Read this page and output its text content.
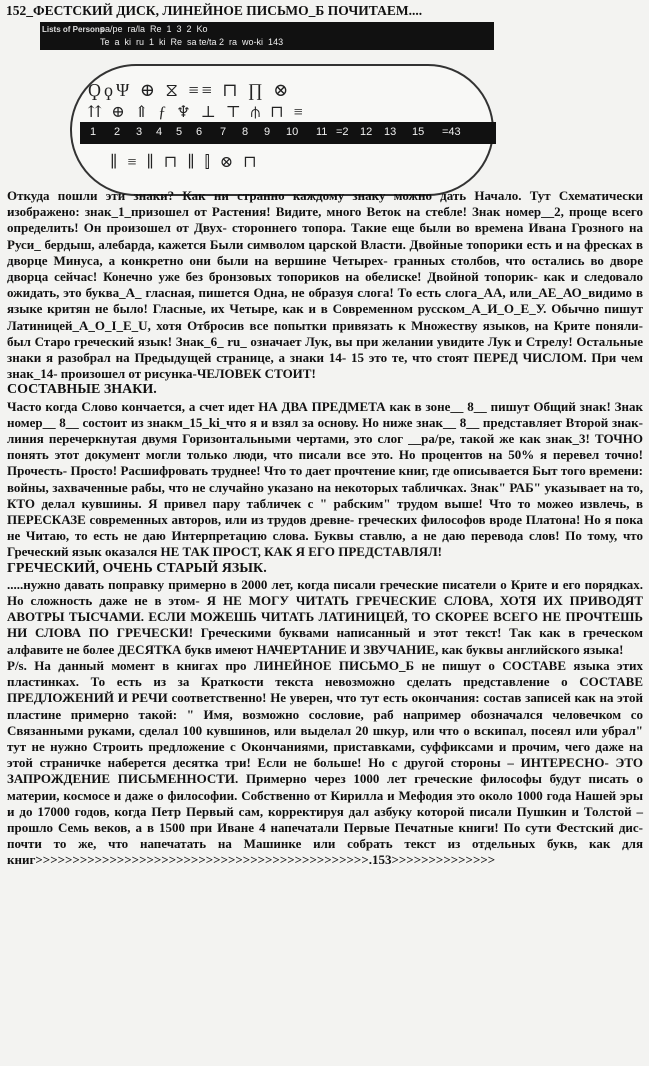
152_ФЕСТСКИЙ ДИСК, ЛИНЕЙНОЕ ПИСЬМО_Б ПОЧИТАЕМ....
Lists of Persons
pa/pe  ra/la  Re  1  3  2  Ko
Te  a  ki  ru  1  ki  Re  sa te/ta 2  ra  wo-ki  143
ϘϙΨ ⊕ ⧖ ≡≡ ⊓ ∏ ⊗
⇈ ⊕ ⇑ ƒ ♆ ⊥ ⊤ ⫛ ⊓ ≡
∥ ≡ ∥ ⊓ ∥ ⫿ ⊗ ⊓
1 2 3 4 5 6 7 8 9 10 11 =2 12 13 15 =43

Откуда пошли эти знаки? Как ни странно каждому знаку можно дать Начало. Тут Схематически изображено: знак_1_призошел от Растения! Видите, много Веток на стебле! Знак номер__2, проще всего определить! Он произошел от Двух- стороннего топора. Такие еще были во времена Ивана Грозного на Руси_ бердыш, алебарда, кажется Были символом царской Власти. Двойные топорики есть и на фресках в дворце Минуса, а конкретно они были на вершине Четырех- гранных столбов, что остались во дворе дворца сейчас! Конечно уже без бронзовых топориков на обелиске! Двойной топорик- как и следовало ожидать, это буква_А_ гласная, пишется Одна, не образуя слога! То есть слога_АА, или_АЕ_АО_видимо в языке критян не было! Гласные, их Четыре, как и в Современном русском_А_И_О_Е_У. Обычно пишут Латиницей_А_О_I_E_U, хотя Отбросив все попытки привязать к Множеству языков, на Крите поняли- был Старо греческий язык! Знак_6_ ru_ означает Лук, вы при желании увидите Лук и Стрелу! Остальные знаки я разобрал на Предыдущей странице, а знаки 14- 15 это те, что стоят ПЕРЕД ЧИСЛОМ. При чем знак_14- произошел от рисунка-ЧЕЛОВЕК СТОИТ!

СОСТАВНЫЕ ЗНАКИ.

Часто когда Слово кончается, а счет идет НА ДВА ПРЕДМЕТА как в зоне__ 8__ пишут Общий знак! Знак номер__ 8__ состоит из знакм_15_ki_что я и взял за основу. Но ниже знак__ 8__ представляет Второй знак- линия перечеркнутая двумя Горизонтальными чертами, это слог __pa/pe, такой же как знак_3! ТОЧНО понять этот документ могли только люди, что писали все это. Но процентов на 50% я перевел точно! Прочесть- Просто! Расшифровать труднее! Что то дает прочтение книг, где описывается Быт того времени: войны, захваченные рабы, что не случайно указано на некоторых табличках. Знак" РАБ" указывает на то, КТО делал кувшины. Я привел пару табличек с " рабским" трудом выше! Что то можео извлечь, в ПЕРЕСКАЗЕ современных авторов, или из трудов древне- греческих философов вроде Платона! Но я пока не Читаю, то есть не даю Интерпретацию слова. Буквы ставлю, а не даю перевода слов! По тому, что Греческий язык оказался НЕ ТАК ПРОСТ, КАК Я ЕГО ПРЕДСТАВЛЯЛ!

ГРЕЧЕСКИЙ, ОЧЕНЬ СТАРЫЙ ЯЗЫК.

.....нужно давать поправку примерно в 2000 лет, когда писали греческие писатели о Крите и его порядках. Но сложность даже не в этом- Я НЕ МОГУ ЧИТАТЬ ГРЕЧЕСКИЕ СЛОВА, ХОТЯ ИХ ПРИВОДЯТ АВОТРЫ ТЫСЧАМИ. ЕСЛИ МОЖЕШЬ ЧИТАТЬ ЛАТИНИЦЕЙ, ТО СКОРЕЕ ВСЕГО НЕ ПРОЧТЕШЬ НИ СЛОВА ПО ГРЕЧЕСКИ! Греческими буквами написанный и этот текст! Так как в греческом алфавите не более ДЕСЯТКА букв имеют НАЧЕРТАНИЕ И ЗВУЧАНИЕ, как буквы английского языка!

P/s. На данный момент в книгах про ЛИНЕЙНОЕ ПИСЬМО_Б не пишут о СОСТАВЕ языка этих пластинках. То есть из за Краткости текста невозможно сделать представление о СОСТАВЕ ПРЕДЛОЖЕНИЙ И РЕЧИ соответственно! Не уверен, что тут есть окончания: состав записей как на этой пластине примерно такой: " Имя, возможно сословие, раб например обозначался человечком со Связанными руками, сделал 100 кувшинов, или выделал 20 шкур, или что о вскипал, посеял или убрал" тут не нужно Строить предложение с Окончаниями, приставками, суффиксами и прочим, чего даже на этой страничке наберется десятка три! Если не больше! Но с другой стороны – ИНТЕРЕСНО- ЭТО ЗАПРОЖДЕНИЕ ПИСЬМЕННОСТИ. Примерно через 1000 лет греческие философы будут писать о материи, космосе и даже о философии. Собственно от Кирилла и Мефодия это около 1000 года Нашей эры и до 17000 годов, когда Петр Первый сам, корректируя дал азбуку которой писали Пушкин и Толстой – прошло Семь веков, а в 1500 при Иване 4 напечатали Первые Печатные книги! По сути Фестский дис- почти то же, что напечатать на Машинке или собрать текст из отдельных букв, как для книг>>>>>>>>>>>>>>>>>>>>>>>>>>>>>>>>>>>>>>>>>>>>>.153>>>>>>>>>>>>>>
